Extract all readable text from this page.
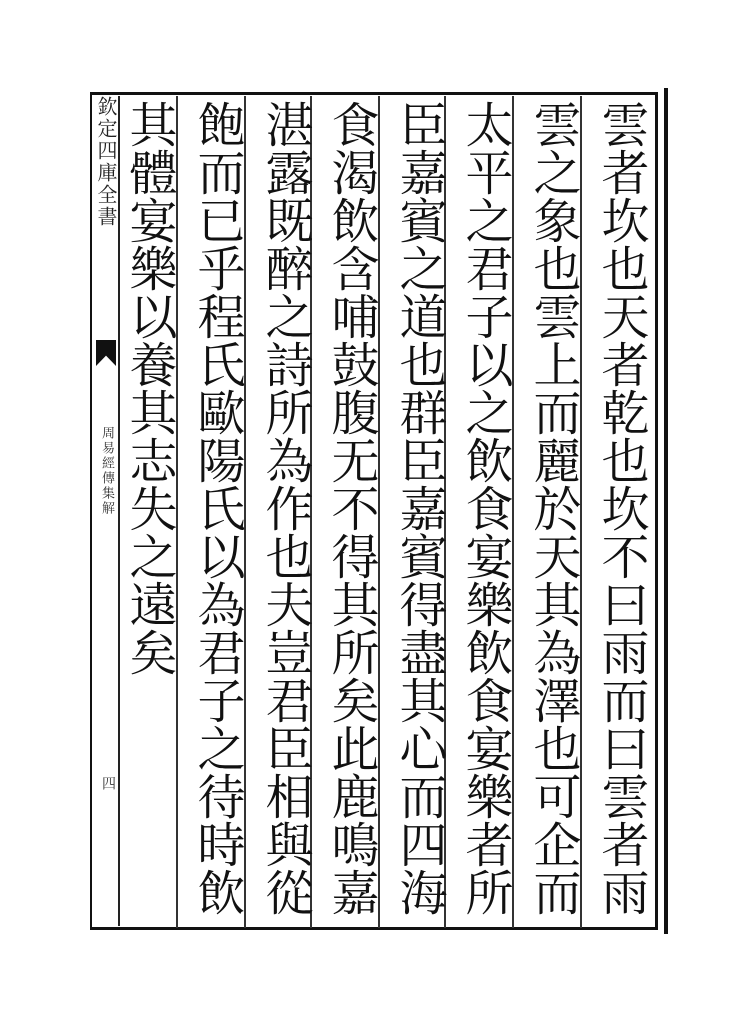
欽定四庫全書
周易經傳集解
四
雲者坎也天者乾也坎不曰雨而曰雲者雨
雲之象也雲上而麗於天其為澤也可企而
太平之君子以之飲食宴樂飲食宴樂者所
臣嘉賓之道也群臣嘉賓得盡其心而四海
食渴飲含哺鼓腹无不得其所矣此鹿鳴嘉
湛露既醉之詩所為作也夫豈君臣相與從
飽而已乎程氏歐陽氏以為君子之待時飲
其體宴樂以養其志失之遠矣
